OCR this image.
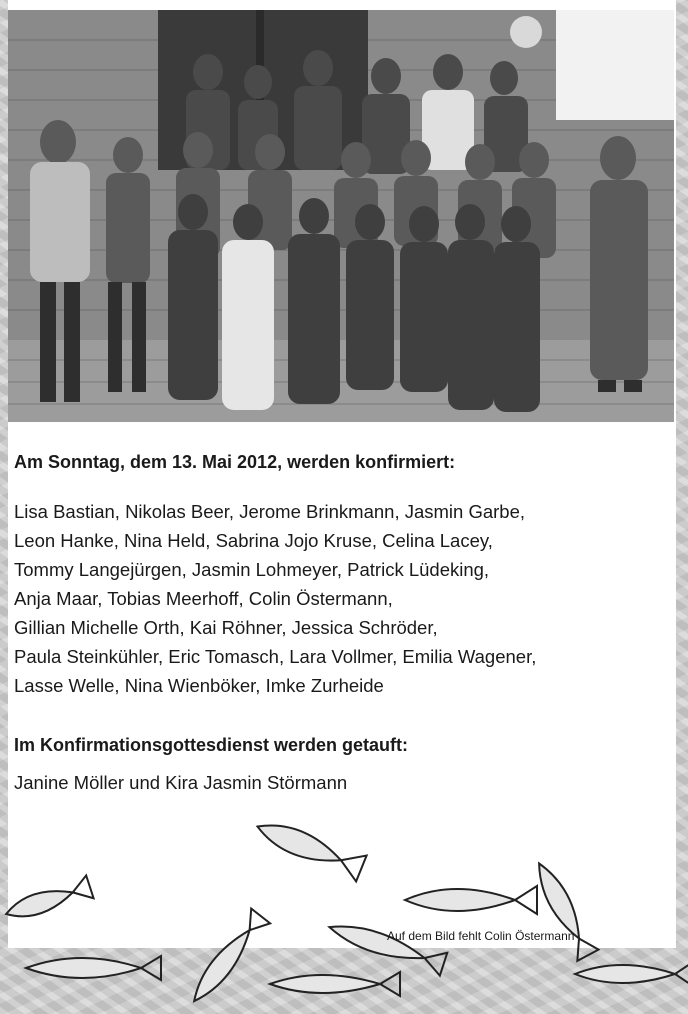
Am Sonntag, dem 13. Mai 2012, werden konfirmiert:
Lisa Bastian, Nikolas Beer, Jerome Brinkmann, Jasmin Garbe,
Leon Hanke, Nina Held, Sabrina Jojo Kruse, Celina Lacey,
Tommy Langejürgen, Jasmin Lohmeyer, Patrick Lüdeking,
Anja Maar, Tobias Meerhoff, Colin Östermann,
Gillian Michelle Orth, Kai Röhner, Jessica Schröder,
Paula Steinkühler, Eric Tomasch, Lara Vollmer, Emilia Wagener,
Lasse Welle, Nina Wienböker, Imke Zurheide
Im Konfirmationsgottesdienst werden getauft:
Janine Möller und Kira Jasmin Störmann
Auf dem Bild fehlt Colin Östermann
